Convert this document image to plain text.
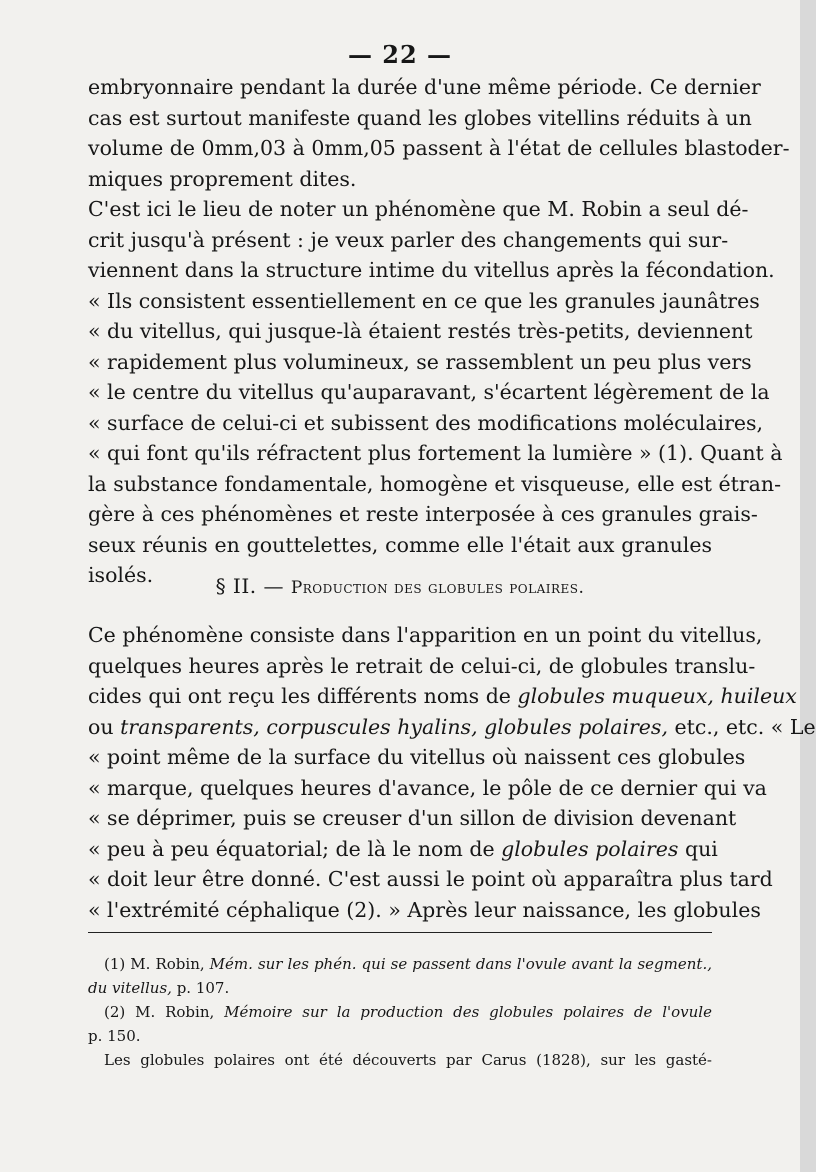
— 22 —
embryonnaire pendant la durée d'une même période. Ce dernier
cas est surtout manifeste quand les globes vitellins réduits à un
volume de 0mm,03 à 0mm,05 passent à l'état de cellules blastoder-
miques proprement dites.
C'est ici le lieu de noter un phénomène que M. Robin a seul dé-
crit jusqu'à présent : je veux parler des changements qui sur-
viennent dans la structure intime du vitellus après la fécondation.
« Ils consistent essentiellement en ce que les granules jaunâtres
« du vitellus, qui jusque-là étaient restés très-petits, deviennent
« rapidement plus volumineux, se rassemblent un peu plus vers
« le centre du vitellus qu'auparavant, s'écartent légèrement de la
« surface de celui-ci et subissent des modifications moléculaires,
« qui font qu'ils réfractent plus fortement la lumière » (1). Quant à
la substance fondamentale, homogène et visqueuse, elle est étran-
gère à ces phénomènes et reste interposée à ces granules grais-
seux réunis en gouttelettes, comme elle l'était aux granules
isolés.	§ II. — Production des globules polaires.
Ce phénomène consiste dans l'apparition en un point du vitellus,
quelques heures après le retrait de celui-ci, de globules translu-
cides qui ont reçu les différents noms de globules muqueux, huileux
ou transparents, corpuscules hyalins, globules polaires, etc., etc. « Le
« point même de la surface du vitellus où naissent ces globules
« marque, quelques heures d'avance, le pôle de ce dernier qui va
« se déprimer, puis se creuser d'un sillon de division devenant
« peu à peu équatorial; de là le nom de globules polaires qui
« doit leur être donné. C'est aussi le point où apparaîtra plus tard
« l'extrémité céphalique (2). » Après leur naissance, les globules
(1) M. Robin, Mém. sur les phén. qui se passent dans l'ovule avant la segment.,
du vitellus, p. 107.
(2) M. Robin, Mémoire sur la production des globules polaires de l'ovule
p. 150.
Les globules polaires ont été découverts par Carus (1828), sur les gasté-
